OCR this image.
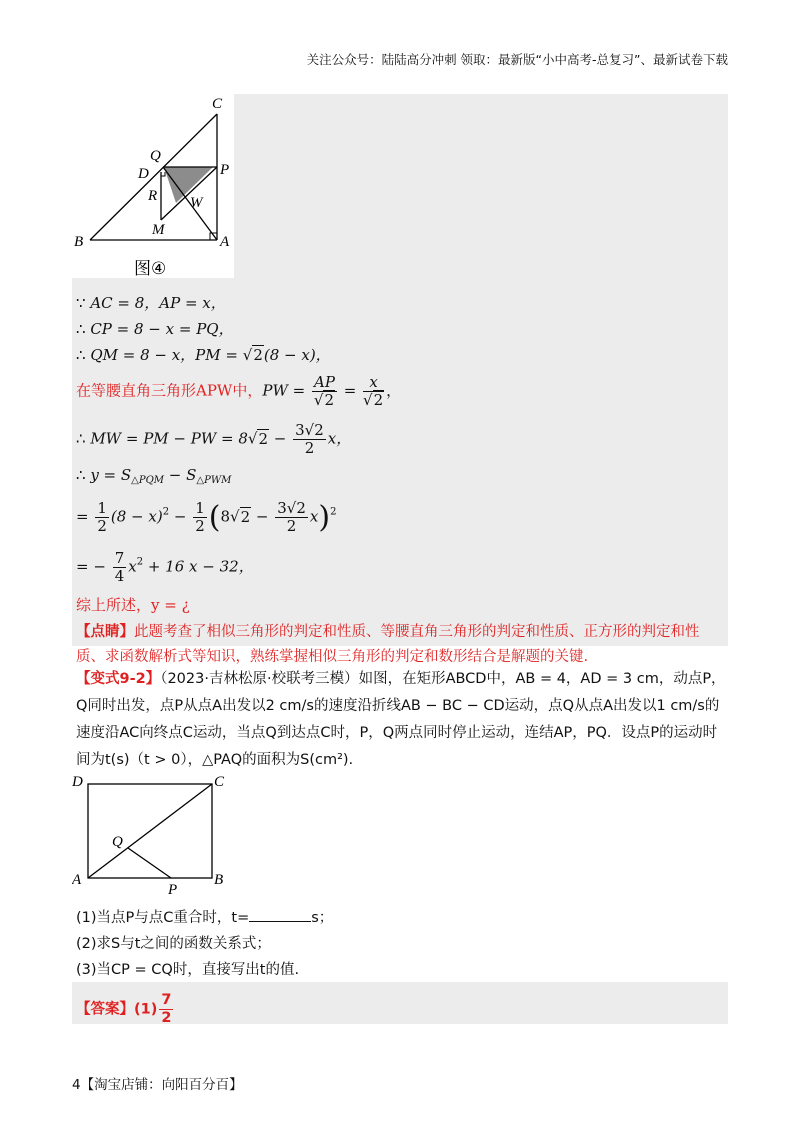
关注公众号：陆陆高分冲刺 领取：最新版“小中高考-总复习”、最新试卷下载
C
Q
P
D
R W
M
B	A
图④
∵ AC = 8，AP = x，
∴ CP = 8 − x = PQ，
∴ QM = 8 − x，PM = √2(8 − x)，
在等腰直角三角形APW中，PW = $\frac{AP}{√2} = \frac{x}{√2}$ ，
∴ MW = PM − PW = $8√2 - \frac{3√2}{2}$ x，
∴ $y = S_{\triangle PQM} - S_{\triangle PWM}$
= $\frac{1}{2} (8 - x)^2 - \frac{1}{2} (8√2 - \frac{3√2}{2} x)^2$
= − $\frac{7}{4} x^2 + 16$ x − 32，
综上所述，y = ¿
【点睛】此题考查了相似三角形的判定和性质、等腰直角三角形的判定和性质、正方形的判定和性质、求函数解析式等知识，熟练掌握相似三角形的判定和数形结合是解题的关键.
【变式9-2】（2023·吉林松原·校联考三模）如图，在矩形ABCD中，AB = 4，AD = 3 cm，动点P，Q同时出发，点P从点A出发以2 cm/s的速度沿折线AB − BC − CD运动，点Q从点A出发以1 cm/s的速度沿AC向终点C运动，当点Q到达点C时，P，Q两点同时停止运动，连结AP，PQ．设点P的运动时间为t(s)（t > 0），△PAQ的面积为S(cm²).
D	C
Q
A
P
B
(1)当点P与点C重合时，t=	s；
(2)求S与t之间的函数关系式；
(3)当CP = CQ时，直接写出t的值.
【答案】$(1) \frac{7}{2}$
4【淘宝店铺：向阳百分百】
